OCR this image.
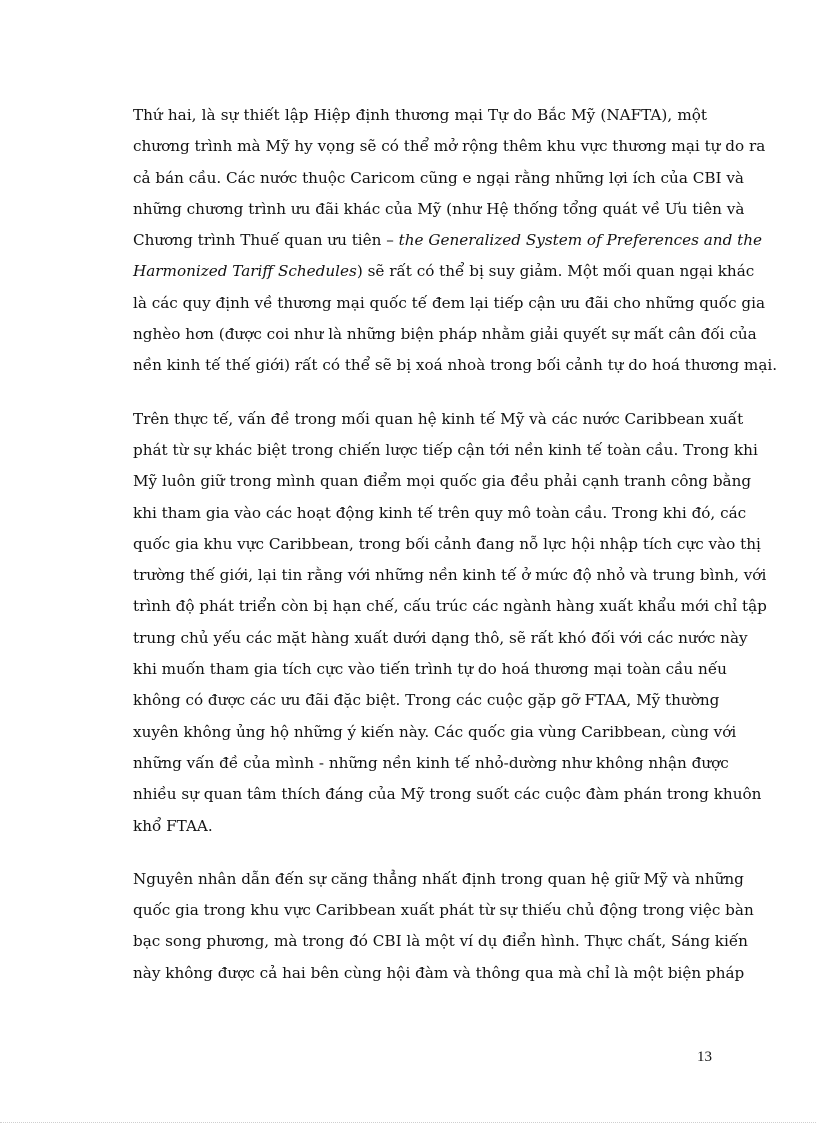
Thứ hai, là sự thiết lập Hiệp định thương mại Tự do Bắc Mỹ (NAFTA), một
chương trình mà Mỹ hy vọng sẽ có thể mở rộng thêm khu vực thương mại tự do ra
cả bán cầu. Các nước thuộc Caricom cũng e ngại rằng những lợi ích của CBI và
những chương trình ưu đãi khác của Mỹ (như Hệ thống tổng quát về Ưu tiên và
Chương trình Thuế quan ưu tiên – the Generalized System of Preferences and the
Harmonized Tariff Schedules) sẽ rất có thể bị suy giảm. Một mối quan ngại khác
là các quy định về thương mại quốc tế đem lại tiếp cận ưu đãi cho những quốc gia
nghèo hơn (được coi như là những biện pháp nhằm giải quyết sự mất cân đối của
nền kinh tế thế giới) rất có thể sẽ bị xoá nhoà trong bối cảnh tự do hoá thương mại.

Trên thực tế, vấn đề trong mối quan hệ kinh tế Mỹ và các nước Caribbean xuất
phát từ sự khác biệt trong chiến lược tiếp cận tới nền kinh tế toàn cầu. Trong khi
Mỹ luôn giữ trong mình quan điểm mọi quốc gia đều phải cạnh tranh công bằng
khi tham gia vào các hoạt động kinh tế trên quy mô toàn cầu. Trong khi đó, các
quốc gia khu vực Caribbean, trong bối cảnh đang nỗ lực hội nhập tích cực vào thị
trường thế giới, lại tin rằng với những nền kinh tế ở mức độ nhỏ và trung bình, với
trình độ phát triển còn bị hạn chế, cấu trúc các ngành hàng xuất khẩu mới chỉ tập
trung chủ yếu các mặt hàng xuất dưới dạng thô, sẽ rất khó đối với các nước này
khi muốn tham gia tích cực vào tiến trình tự do hoá thương mại toàn cầu nếu
không có được các ưu đãi đặc biệt. Trong các cuộc gặp gỡ FTAA, Mỹ thường
xuyên không ủng hộ những ý kiến này. Các quốc gia vùng Caribbean, cùng với
những vấn đề của mình - những nền kinh tế nhỏ-dường như không nhận được
nhiều sự quan tâm thích đáng của Mỹ trong suốt các cuộc đàm phán trong khuôn
khổ FTAA.

Nguyên nhân dẫn đến sự căng thẳng nhất định trong quan hệ giữ Mỹ và những
quốc gia trong khu vực Caribbean xuất phát từ sự thiếu chủ động trong việc bàn
bạc song phương, mà trong đó CBI là một ví dụ điển hình. Thực chất, Sáng kiến
này không được cả hai bên cùng hội đàm và thông qua mà chỉ là một biện pháp

13
